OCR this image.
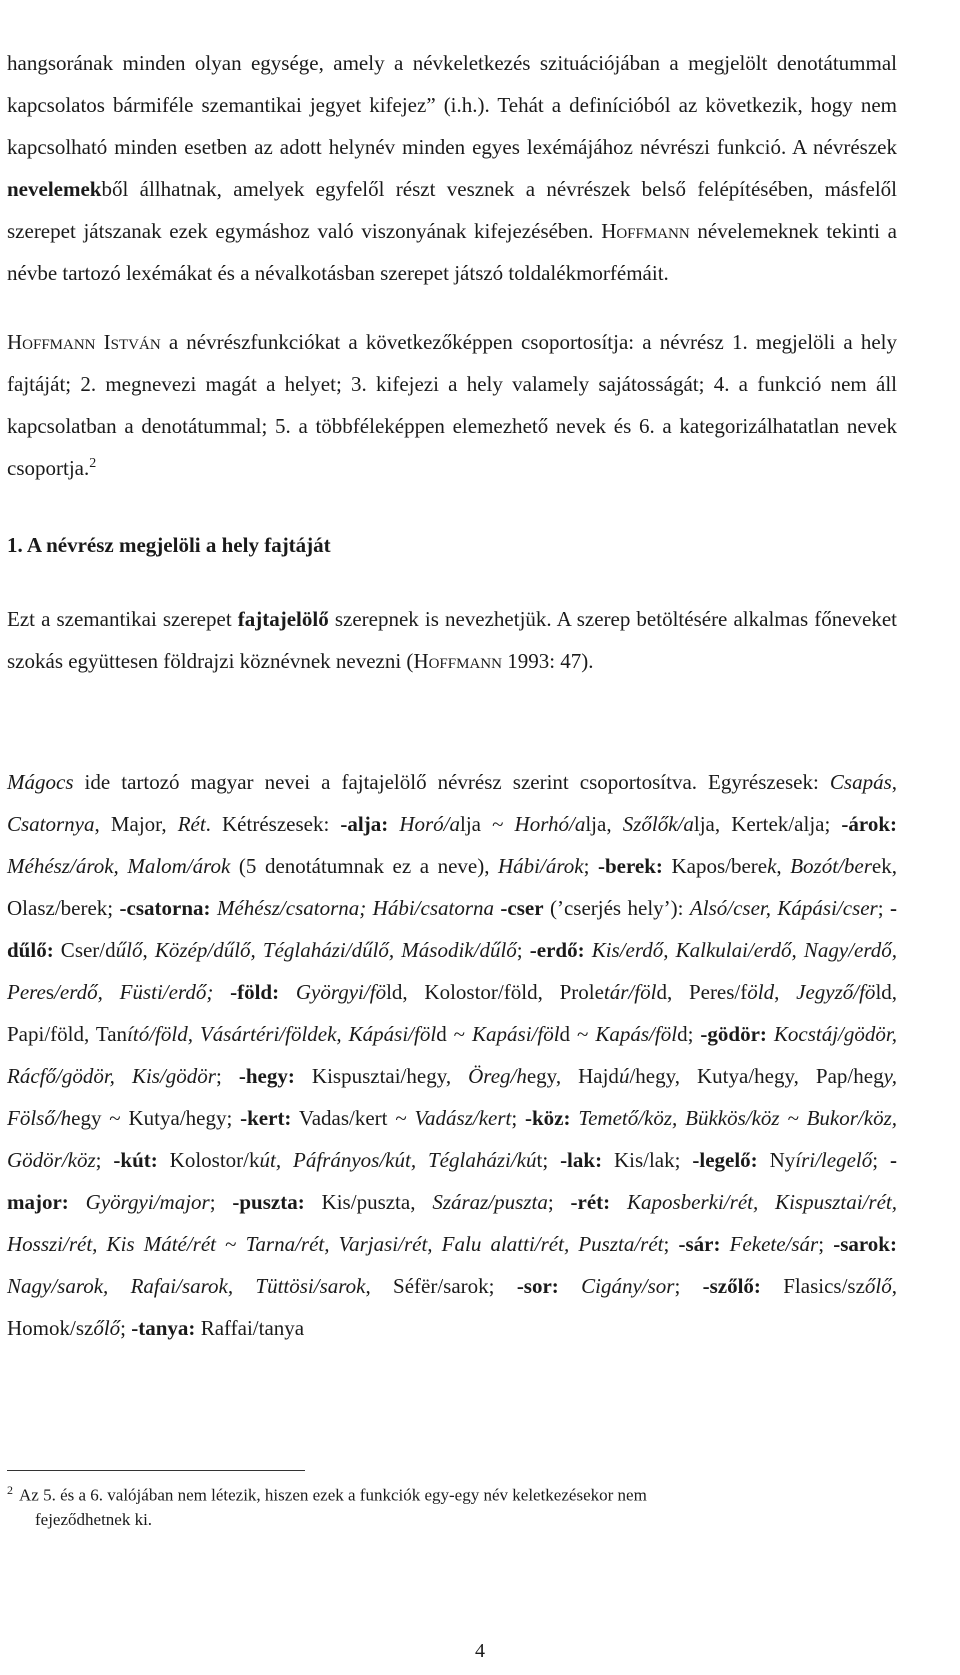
hangsorának minden olyan egysége, amely a névkeletkezés szituációjában a megjelölt denotátummal kapcsolatos bármiféle szemantikai jegyet kifejez” (i.h.). Tehát a definícióból az következik, hogy nem kapcsolható minden esetben az adott helynév minden egyes lexémájához névrészi funkció. A névrészek nevelemekből állhatnak, amelyek egyfelől részt vesznek a névrészek belső felépítésében, másfelől szerepet játszanak ezek egymáshoz való viszonyának kifejezésében. Hoffmann névelemeknek tekinti a névbe tartozó lexémákat és a névalkotásban szerepet játszó toldalékmorfémáit.

Hoffmann István a névrészfunkciókat a következőképpen csoportosítja: a névrész 1. megjelöli a hely fajtáját; 2. megnevezi magát a helyet; 3. kifejezi a hely valamely sajátosságát; 4. a funkció nem áll kapcsolatban a denotátummal; 5. a többféleképpen elemezhető nevek és 6. a kategorizálhatatlan nevek csoportja.$^2$

1. A névrész megjelöli a hely fajtáját

Ezt a szemantikai szerepet fajtajelölő szerepnek is nevezhetjük. A szerep betöltésére alkalmas főneveket szokás együttesen földrajzi köznévnek nevezni (Hoffmann 1993: 47).

Mágocs ide tartozó magyar nevei a fajtajelölő névrész szerint csoportosítva. Egyrészesek: Csapás, Csatornya, Major, Rét. Kétrészesek: -alja: Horó/alja ~ Horhó/alja, Szőlők/alja, Kertek/alja; -árok: Méhész/árok, Malom/árok (5 denotátumnak ez a neve), Hábi/árok; -berek: Kapos/berek, Bozót/berek, Olasz/berek; -csatorna: Méhész/csatorna; Hábi/csatorna -cser (’cserjés hely’): Alsó/cser, Kápási/cser; -dűlő: Cser/dűlő, Közép/dűlő, Téglaházi/dűlő, Második/dűlő; -erdő: Kis/erdő, Kalkulai/erdő, Nagy/erdő, Peres/erdő, Füsti/erdő; -föld: Györgyi/föld, Kolostor/föld, Proletár/föld, Peres/föld, Jegyző/föld, Papi/föld, Tanító/föld, Vásártéri/földek, Kápási/föld ~ Kapási/föld ~ Kapás/föld; -gödör: Kocstáj/gödör, Rácfő/gödör, Kis/gödör; -hegy: Kispusztai/hegy, Öreg/hegy, Hajdú/hegy, Kutya/hegy, Pap/hegy, Fölső/hegy ~ Kutya/hegy; -kert: Vadas/kert ~ Vadász/kert; -köz: Temető/köz, Bükkös/köz ~ Bukor/köz, Gödör/köz; -kút: Kolostor/kút, Páfrányos/kút, Téglaházi/kút; -lak: Kis/lak; -legelő: Nyíri/legelő; -major: Györgyi/major; -puszta: Kis/puszta, Száraz/puszta; -rét: Kaposberki/rét, Kispusztai/rét, Hosszi/rét, Kis Máté/rét ~ Tarna/rét, Varjasi/rét, Falu alatti/rét, Puszta/rét; -sár: Fekete/sár; -sarok: Nagy/sarok, Rafai/sarok, Tüttösi/sarok, Séfër/sarok; -sor: Cigány/sor; -szőlő: Flasics/szőlő, Homok/szőlő; -tanya: Raffai/tanya

$^2$ Az 5. és a 6. valójában nem létezik, hiszen ezek a funkciók egy-egy név keletkezésekor nem
fejeződhetnek ki.
4
